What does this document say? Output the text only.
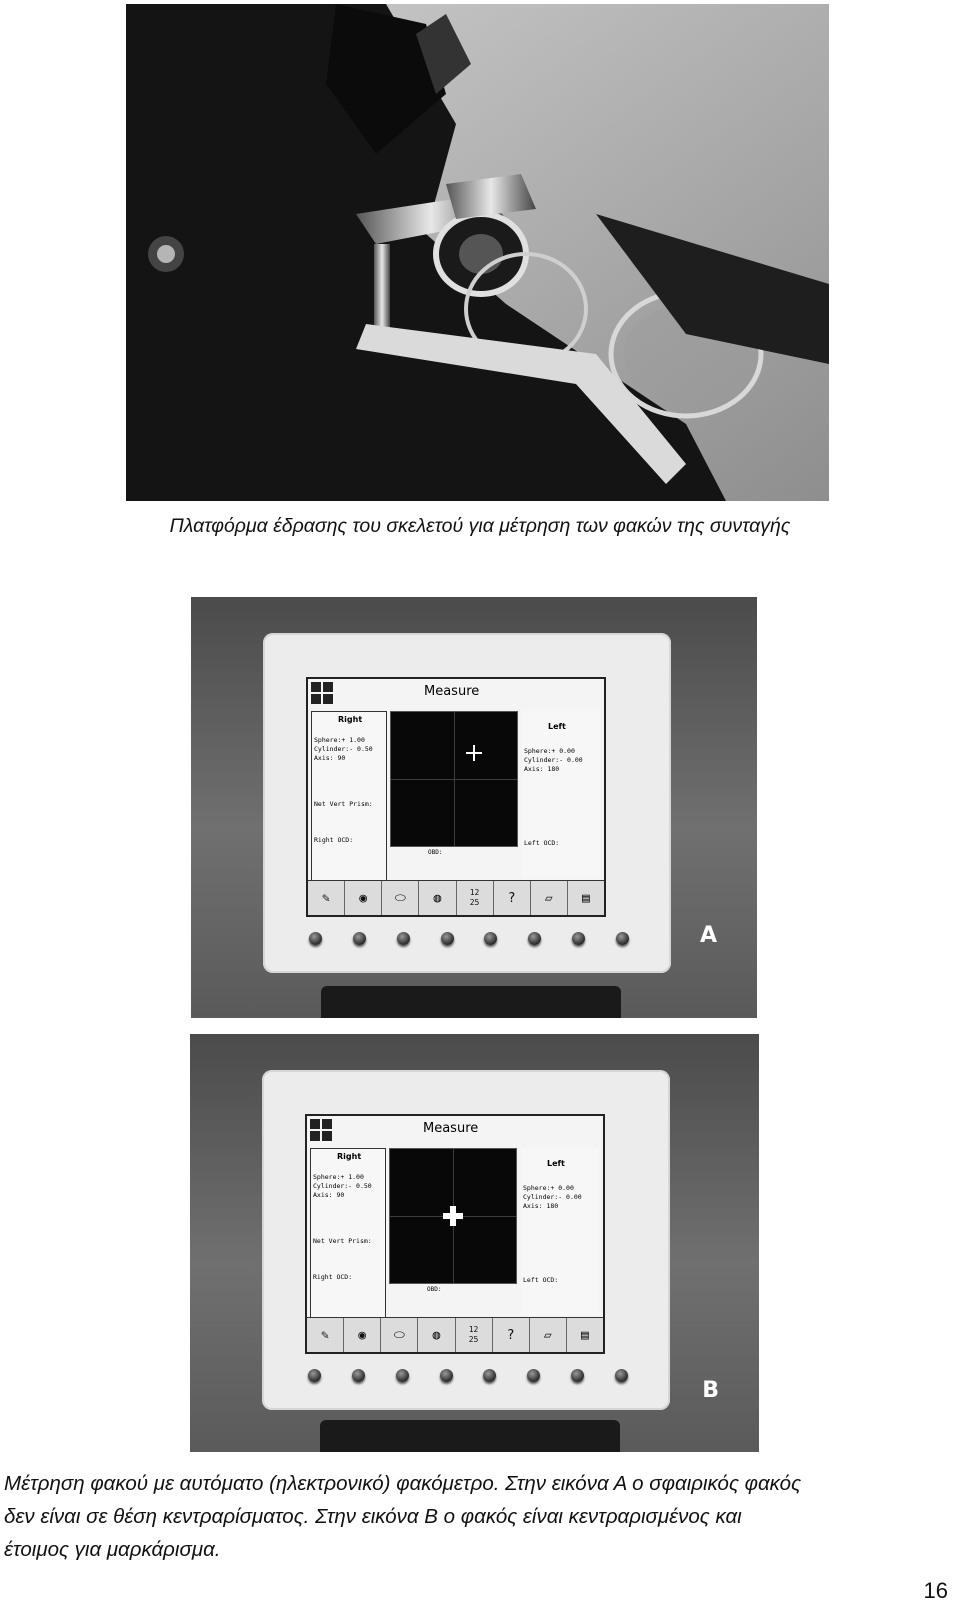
Πλατφόρμα έδρασης του σκελετού για μέτρηση των φακών της συνταγής
Measure
Right
Sphere:+ 1.00
Cylinder:- 0.50
Axis: 90
Net Vert Prism:
Right OCD:
Left
Sphere:+ 0.00
Cylinder:- 0.00
Axis: 180
Left OCD:
OBD:
✎	◉	⬭	◍	12
25	?	▱	▤
A
Measure
Right
Sphere:+ 1.00
Cylinder:- 0.50
Axis: 90
Net Vert Prism:
Right OCD:
Left
Sphere:+ 0.00
Cylinder:- 0.00
Axis: 180
Left OCD:
OBD:
✎	◉	⬭	◍	12
25	?	▱	▤
B
Μέτρηση φακού με αυτόματο (ηλεκτρονικό) φακόμετρο. Στην εικόνα Α ο σφαιρικός φακός
δεν είναι σε θέση κεντραρίσματος. Στην εικόνα Β ο φακός είναι κεντραρισμένος και
έτοιμος για μαρκάρισμα.
16
